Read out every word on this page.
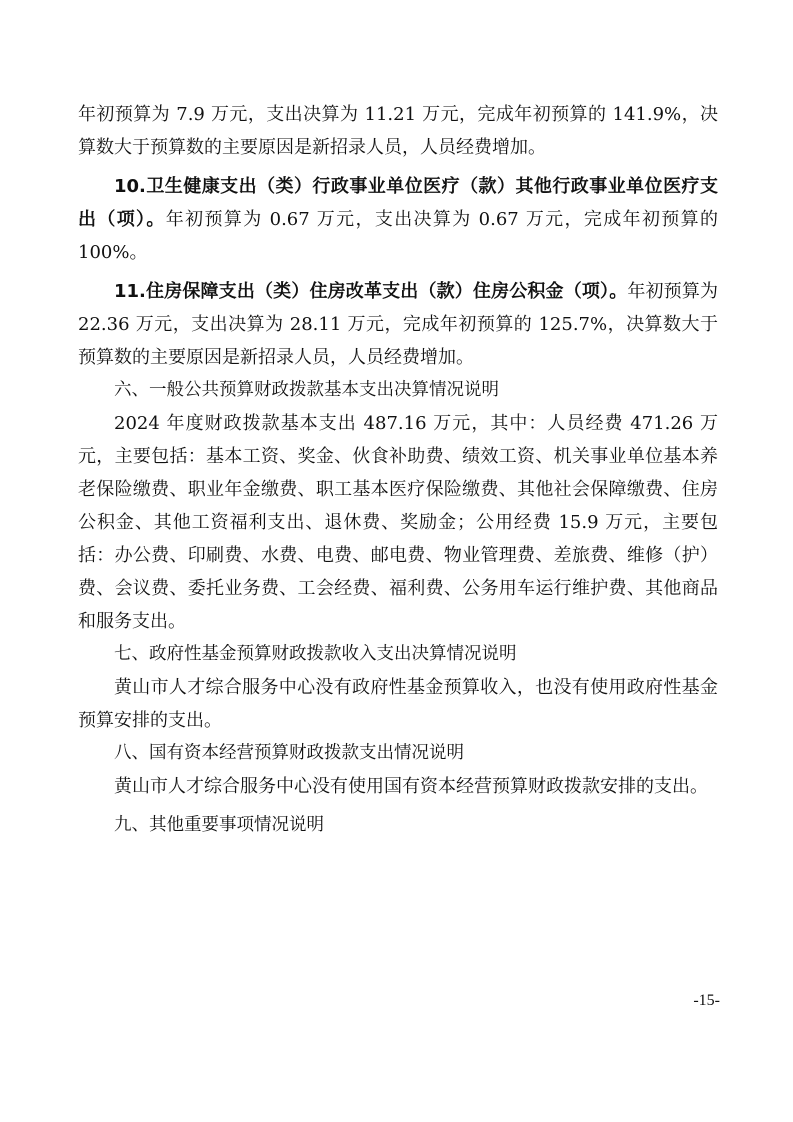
年初预算为 7.9 万元，支出决算为 11.21 万元，完成年初预算的 141.9%，决算数大于预算数的主要原因是新招录人员，人员经费增加。

10.卫生健康支出（类）行政事业单位医疗（款）其他行政事业单位医疗支出（项）。年初预算为 0.67 万元，支出决算为 0.67 万元，完成年初预算的 100%。

11.住房保障支出（类）住房改革支出（款）住房公积金（项）。年初预算为 22.36 万元，支出决算为 28.11 万元，完成年初预算的 125.7%，决算数大于预算数的主要原因是新招录人员，人员经费增加。

六、一般公共预算财政拨款基本支出决算情况说明

2024 年度财政拨款基本支出 487.16 万元，其中：人员经费 471.26 万元，主要包括：基本工资、奖金、伙食补助费、绩效工资、机关事业单位基本养老保险缴费、职业年金缴费、职工基本医疗保险缴费、其他社会保障缴费、住房公积金、其他工资福利支出、退休费、奖励金；公用经费 15.9 万元，主要包括：办公费、印刷费、水费、电费、邮电费、物业管理费、差旅费、维修（护）费、会议费、委托业务费、工会经费、福利费、公务用车运行维护费、其他商品和服务支出。

七、政府性基金预算财政拨款收入支出决算情况说明

黄山市人才综合服务中心没有政府性基金预算收入，也没有使用政府性基金预算安排的支出。

八、国有资本经营预算财政拨款支出情况说明

黄山市人才综合服务中心没有使用国有资本经营预算财政拨款安排的支出。

九、其他重要事项情况说明

-15-
